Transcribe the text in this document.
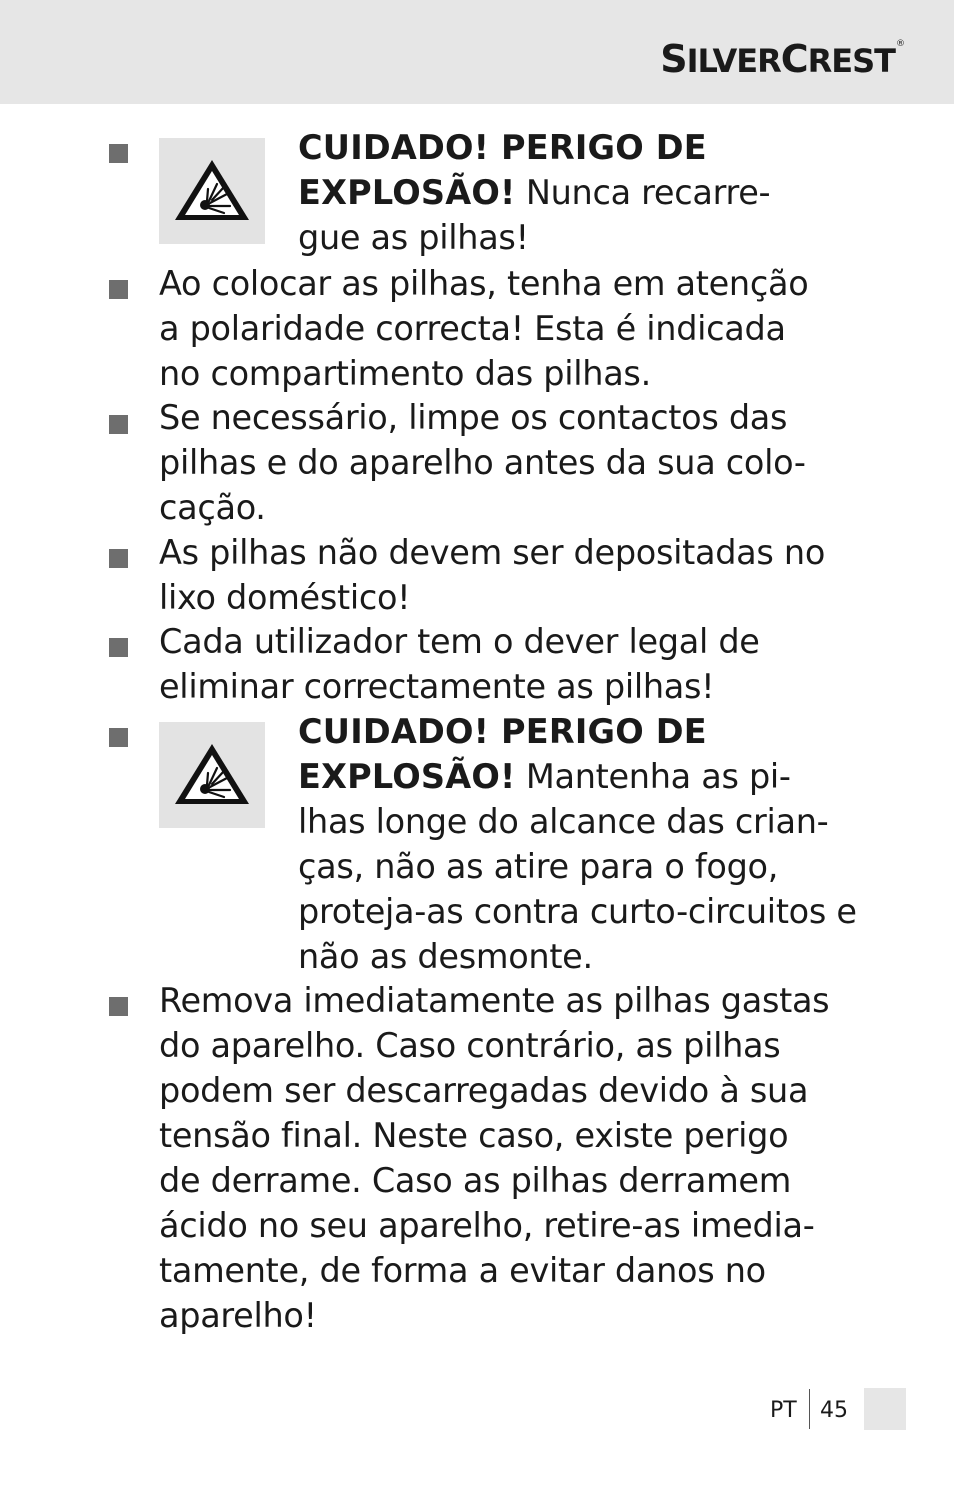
SILVERCREST®
CUIDADO! PERIGO DE
EXPLOSÃO! Nunca recarre-
gue as pilhas!
Ao colocar as pilhas, tenha em atenção
a polaridade correcta! Esta é indicada
no compartimento das pilhas.
Se necessário, limpe os contactos das
pilhas e do aparelho antes da sua colo-
cação.
As pilhas não devem ser depositadas no
lixo doméstico!
Cada utilizador tem o dever legal de
eliminar correctamente as pilhas!
CUIDADO! PERIGO DE
EXPLOSÃO! Mantenha as pi-
lhas longe do alcance das crian-
ças, não as atire para o fogo,
proteja-as contra curto-circuitos e
não as desmonte.
Remova imediatamente as pilhas gastas
do aparelho. Caso contrário, as pilhas
podem ser descarregadas devido à sua
tensão final. Neste caso, existe perigo
de derrame. Caso as pilhas derramem
ácido no seu aparelho, retire-as imedia-
tamente, de forma a evitar danos no
aparelho!
PT 45
